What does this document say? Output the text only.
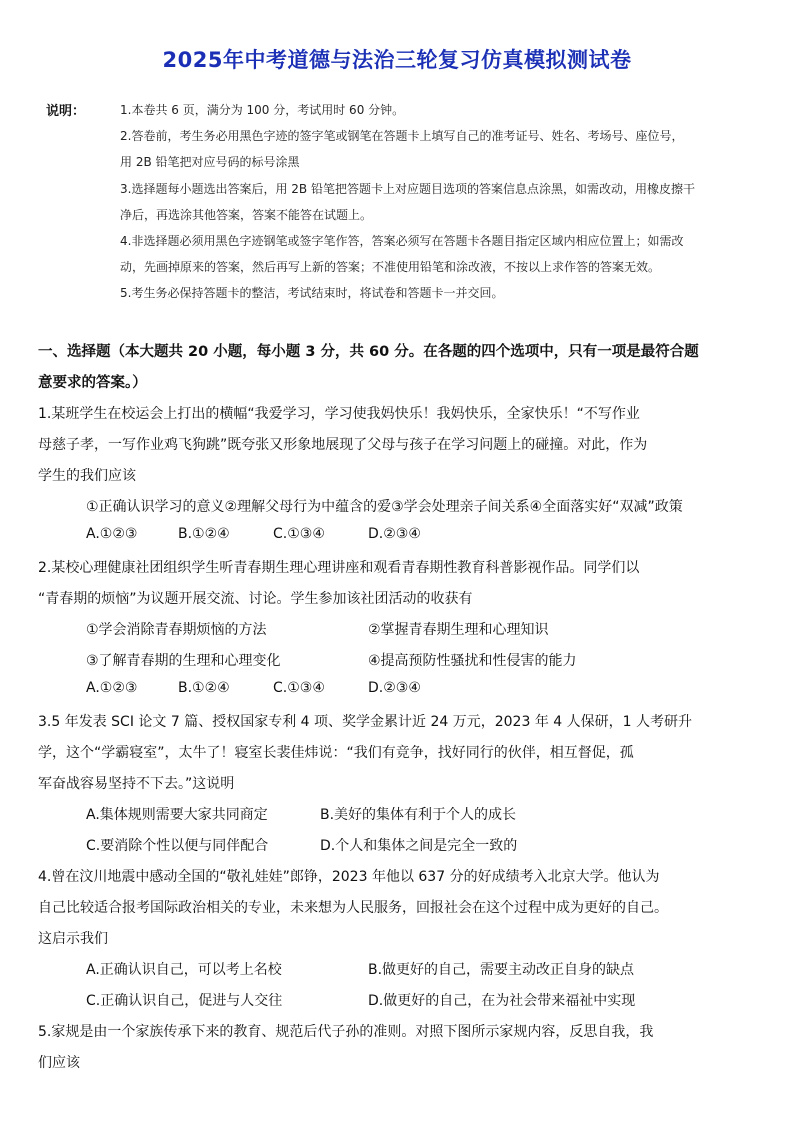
2025年中考道德与法治三轮复习仿真模拟测试卷
说明：	1.本卷共 6 页，满分为 100 分，考试用时 60 分钟。
2.答卷前，考生务必用黑色字迹的签字笔或钢笔在答题卡上填写自己的准考证号、姓名、考场号、座位号，
用 2B 铅笔把对应号码的标号涂黑
3.选择题每小题选出答案后，用 2B 铅笔把答题卡上对应题目选项的答案信息点涂黑，如需改动，用橡皮擦干
净后，再选涂其他答案，答案不能答在试题上。
4.非选择题必须用黑色字迹钢笔或签字笔作答，答案必须写在答题卡各题目指定区域内相应位置上；如需改
动，先画掉原来的答案，然后再写上新的答案；不准使用铅笔和涂改液，不按以上求作答的答案无效。
5.考生务必保持答题卡的整洁，考试结束时，将试卷和答题卡一并交回。
一、选择题（本大题共 20 小题，每小题 3 分，共 60 分。在各题的四个选项中，只有一项是最符合题
意要求的答案。）
1.某班学生在校运会上打出的横幅“我爱学习，学习使我妈快乐！我妈快乐，全家快乐！“不写作业
母慈子孝，一写作业鸡飞狗跳”既夸张又形象地展现了父母与孩子在学习问题上的碰撞。对此，作为
学生的我们应该
①正确认识学习的意义②理解父母行为中蕴含的爱③学会处理亲子间关系④全面落实好“双减”政策
A.①②③	B.①②④	C.①③④	D.②③④
2.某校心理健康社团组织学生听青春期生理心理讲座和观看青春期性教育科普影视作品。同学们以
“青春期的烦恼”为议题开展交流、讨论。学生参加该社团活动的收获有
①学会消除青春期烦恼的方法	②掌握青春期生理和心理知识
③了解青春期的生理和心理变化	④提高预防性骚扰和性侵害的能力
A.①②③	B.①②④	C.①③④	D.②③④
3.5 年发表 SCI 论文 7 篇、授权国家专利 4 项、奖学金累计近 24 万元，2023 年 4 人保研，1 人考研升
学，这个“学霸寝室”，太牛了！寝室长裴佳炜说：“我们有竞争，找好同行的伙伴，相互督促，孤
军奋战容易坚持不下去。”这说明
A.集体规则需要大家共同商定	B.美好的集体有利于个人的成长
C.要消除个性以便与同伴配合	D.个人和集体之间是完全一致的
4.曾在汶川地震中感动全国的“敬礼娃娃”郎铮，2023 年他以 637 分的好成绩考入北京大学。他认为
自己比较适合报考国际政治相关的专业，未来想为人民服务，回报社会在这个过程中成为更好的自己。
这启示我们
A.正确认识自己，可以考上名校	B.做更好的自己，需要主动改正自身的缺点
C.正确认识自己，促进与人交往	D.做更好的自己，在为社会带来福祉中实现
5.家规是由一个家族传承下来的教育、规范后代子孙的准则。对照下图所示家规内容，反思自我，我
们应该
